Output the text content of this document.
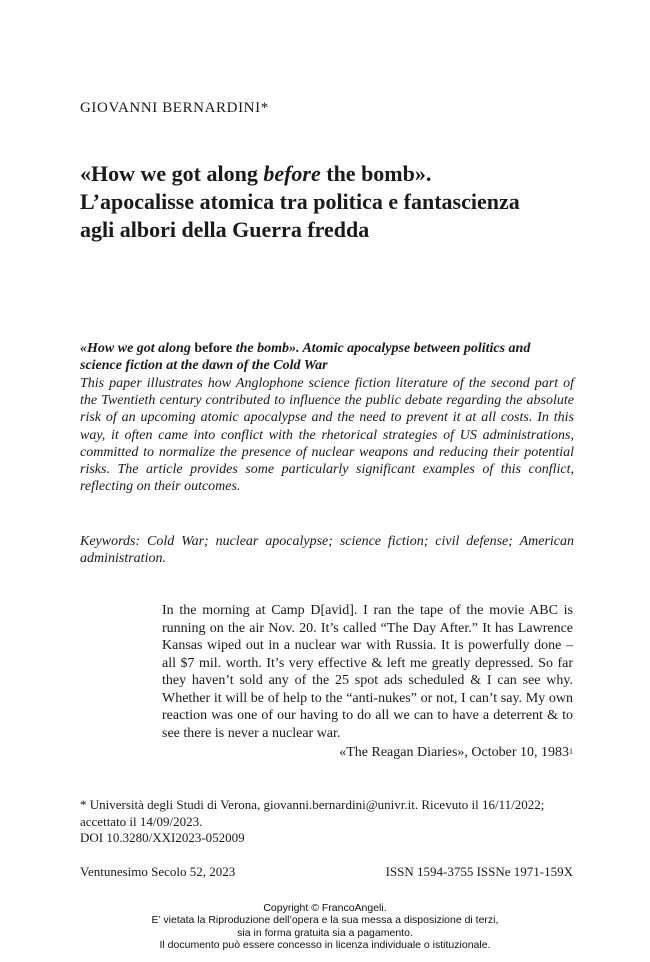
GIOVANNI BERNARDINI*
«How we got along before the bomb».
L’apocalisse atomica tra politica e fantascienza
agli albori della Guerra fredda
«How we got along before the bomb». Atomic apocalypse between politics and science fiction at the dawn of the Cold War
This paper illustrates how Anglophone science fiction literature of the second part of the Twentieth century contributed to influence the public debate regarding the absolute risk of an upcoming atomic apocalypse and the need to prevent it at all costs. In this way, it often came into conflict with the rhetorical strategies of US administrations, committed to normalize the presence of nuclear weapons and reducing their potential risks. The article provides some particularly significant examples of this conflict, reflecting on their outcomes.
Keywords: Cold War; nuclear apocalypse; science fiction; civil defense; American administration.
In the morning at Camp D[avid]. I ran the tape of the movie ABC is running on the air Nov. 20. It’s called “The Day After.” It has Lawrence Kansas wiped out in a nuclear war with Russia. It is powerfully done – all $7 mil. worth. It’s very effective & left me greatly depressed. So far they haven’t sold any of the 25 spot ads scheduled & I can see why. Whether it will be of help to the “anti-nukes” or not, I can’t say. My own reaction was one of our having to do all we can to have a deterrent & to see there is never a nuclear war.
«The Reagan Diaries», October 10, 1983$^1$
* Università degli Studi di Verona, giovanni.bernardini@univr.it. Ricevuto il 16/11/2022;
accettato il 14/09/2023.
DOI 10.3280/XXI2023-052009
Ventunesimo Secolo 52, 2023	ISSN 1594-3755 ISSNe 1971-159X
Copyright © FrancoAngeli.
E’ vietata la Riproduzione dell’opera e la sua messa a disposizione di terzi,
sia in forma gratuita sia a pagamento.
Il documento può essere concesso in licenza individuale o istituzionale.
